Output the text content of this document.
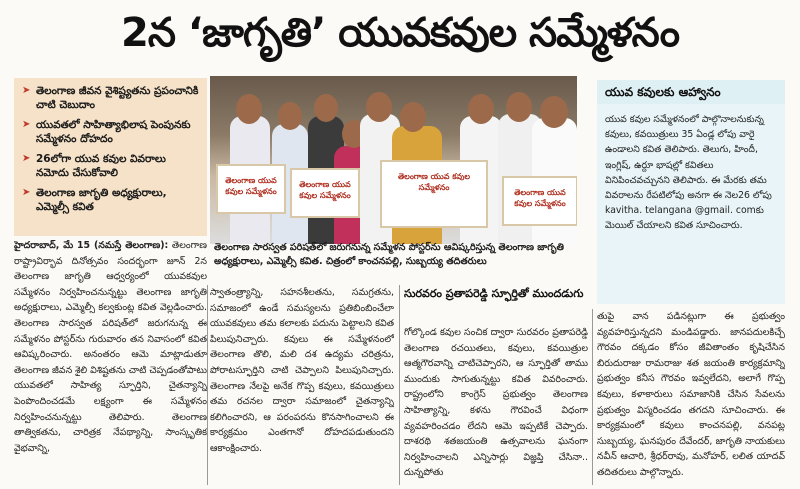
2న ‘జాగృతి’ యువకవుల సమ్మేళనం
➤ తెలంగాణ జీవన వైశిష్ట్యతను ప్రపంచానికి చాటి చెబుదాం
➤ యువతలో సాహిత్యాభిలాష పెంపునకు సమ్మేళనం దోహదం
➤ 26లోగా యువ కవుల వివరాలు నమోదు చేసుకోవాలి
➤ తెలంగాణ జాగృతి అధ్యక్షురాలు, ఎమ్మెల్సీ కవిత
తెలంగాణ యువ కవుల సమ్మేళనం
తెలంగాణ యువ కవుల సమ్మేళనం
తెలంగాణ యువ కవుల సమ్మేళనం
తెలంగాణ యువ కవుల సమ్మేళనం
తెలంగాణ సారస్వత పరిషత్‌లో జరుగనున్న సమ్మేళన పోస్టర్‌ను ఆవిష్కరిస్తున్న తెలంగాణ జాగృతి అధ్యక్షురాలు, ఎమ్మెల్సీ కవిత. చిత్రంలో కాంచనపల్లి, సుబ్బయ్య తదితరులు
యువ కవులకు ఆహ్వానం
యువ కవుల సమ్మేళనంలో పాల్గొనాలనుకున్న కవులు, కవయిత్రులు 35 ఏండ్ల లోపు వారై ఉండాలని కవిత తెలిపారు. తెలుగు, హిందీ, ఇంగ్లిష్, ఉర్దూ భాషల్లో కవితలు వినిపించవచ్చునని తెలిపారు. ఈ మేరకు తమ వివరాలను రేపటిలోపు అనగా ఈ నెల26 లోపు kavitha. telangana @gmail. comకు మెయిల్ చేయాలని కవిత సూచించారు.
హైదరాబాద్, మే 15 (నమస్తే తెలంగాణ): తెలంగాణ రాష్ట్రావిర్భావ దినోత్సవం సందర్భంగా జూన్ 2న తెలంగాణ జాగృతి ఆధ్వర్యంలో యువకవుల సమ్మేళనం నిర్వహించనున్నట్టు తెలంగాణ జాగృతి అధ్యక్షురాలు, ఎమ్మెల్సీ కల్వకుంట్ల కవిత వెల్లడించారు. తెలంగాణ సారస్వత పరిషత్‌లో జరుగనున్న ఈ సమ్మేళనం పోస్టర్‌ను గురువారం తన నివాసంలో కవిత ఆవిష్కరించారు. అనంతరం ఆమె మాట్లాడుతూ తెలంగాణ జీవన శైలి విశిష్టతను చాటి చెప్పడంతోపాటు యువతలో సాహిత్య స్ఫూర్తిని, చైతన్యాన్ని పెంపొందించడమే లక్ష్యంగా ఈ సమ్మేళనం నిర్వహించనున్నట్టు తెలిపారు. తెలంగాణ తాత్వికతను, చారిత్రక నేపథ్యాన్ని, సాంస్కృతిక వైభవాన్ని,
స్వాతంత్ర్యాన్ని, సహనశీలతను, సమగ్రతను, సమాజంలో ఉండే సమస్యలను ప్రతిబింబించేలా యువకవులు తమ కలాలకు పదును పెట్టాలని కవిత పిలుపునిచ్చారు. కవులు ఈ సమ్మేళనంలో తెలంగాణ తొలి, మలి దశ ఉద్యమ చరిత్రను, పోరాటస్ఫూర్తిని చాటి చెప్పాలని పిలుపునిచ్చారు. తెలంగాణ నేలపై అనేక గొప్ప కవులు, కవయిత్రులు తమ రచనల ద్వారా సమాజంలో చైతన్యాన్ని కలిగించారని, ఆ పరంపరను కొనసాగించాలని ఈ కార్యక్రమం ఎంతగానో దోహదపడుతుందని ఆకాంక్షించారు.
సురవరం ప్రతాపరెడ్డి స్ఫూర్తితో ముందడుగు
గోల్కొండ కవుల సంచిక ద్వారా సురవరం ప్రతాపరెడ్డి తెలంగాణ రచయితలు, కవులు, కవయిత్రుల ఆత్మగౌరవాన్ని చాటిచెప్పారని, ఆ స్ఫూర్తితో తాము ముందుకు సాగుతున్నట్టు కవిత వివరించారు. రాష్ట్రంలోని కాంగ్రెస్ ప్రభుత్వం తెలంగాణ సాహిత్యాన్ని, కళను గౌరవించే విధంగా వ్యవహరించడం లేదని ఆమె ఇప్పటికే చెప్పారు. దాశరథి శతజయంతి ఉత్సవాలను ఘనంగా నిర్వహించాలని ఎన్నిసార్లు విజ్ఞప్తి చేసినా.. దున్నపోతు
తుపై వాన పడినట్లుగా ఈ ప్రభుత్వం వ్యవహరిస్తున్నదని మండిపడ్డారు. జానపదులకిచ్చే గౌరవం దక్కడం కోసం జీవితాంతం కృషిచేసిన బిరుదురాజు రామరాజు శత జయంతి కార్యక్రమాన్ని ప్రభుత్వం కనీస గౌరవం ఇవ్వలేదని, అలాగే గొప్ప కవులు, కళాకారులు సమాజానికి చేసిన సేవలను ప్రభుత్వం విస్మరించడం తగదని సూచించారు. ఈ కార్యక్రమంలో కవులు కాంచనపల్లి, వనపట్ల సుబ్బయ్య, ఘనపురం దేవేందర్, జాగృతి నాయకులు నవీన్ ఆచారి, శ్రీధర్‌రావు, మనోహర్, లలిత యాదవ్ తదితరులు పాల్గొన్నారు.
